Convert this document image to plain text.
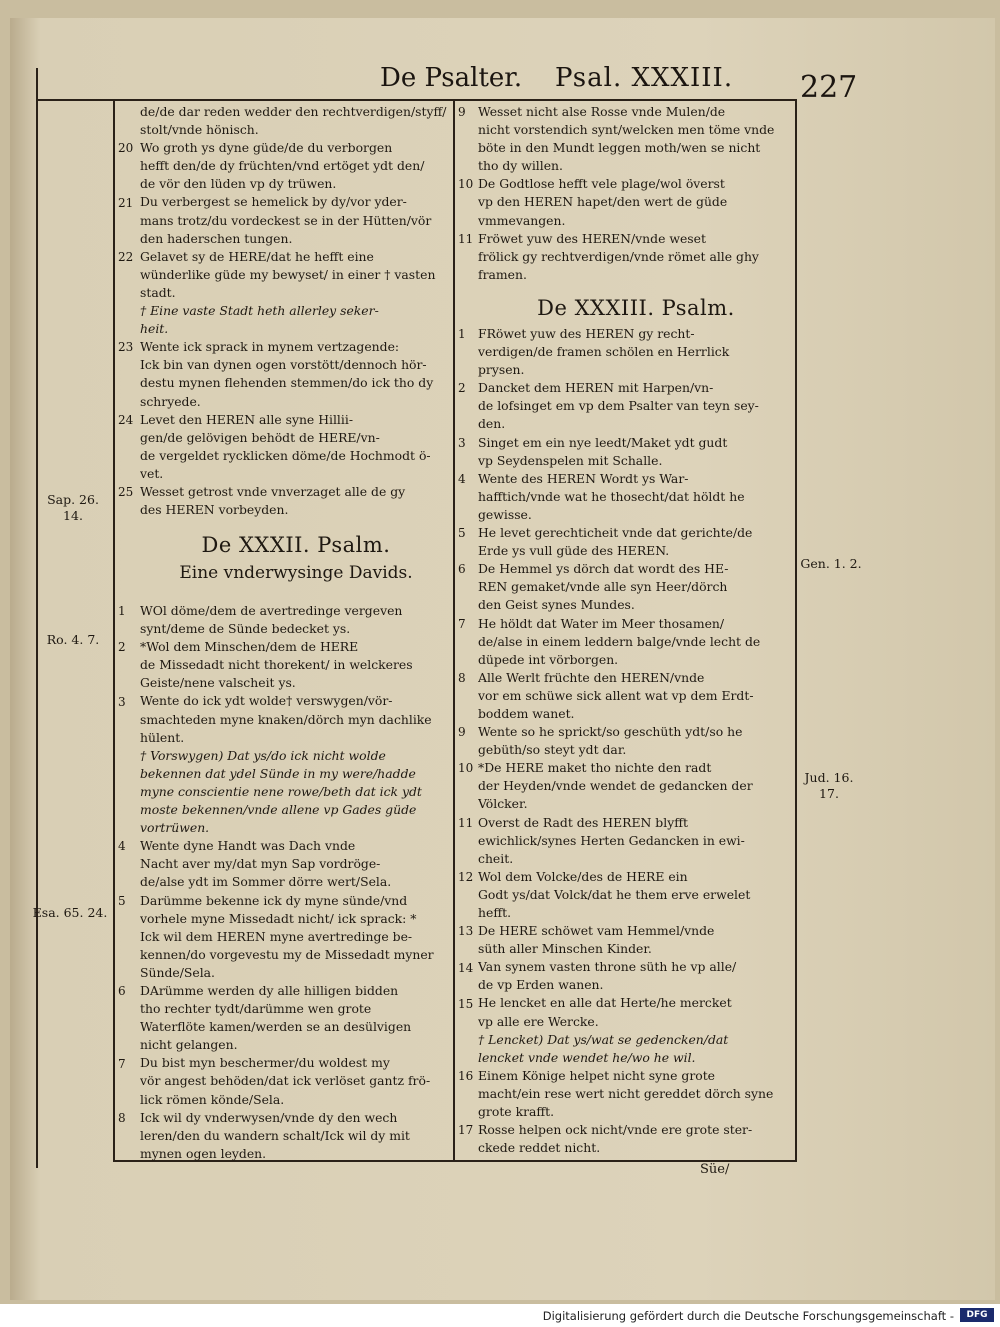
De Psalter. Psal. XXXIII. 227
de/de dar reden wedder den rechtverdigen/styff/
stolt/vnde hönisch.
Wo groth ys dyne güde/de du verborgen
hefft den/de dy früchten/vnd ertöget ydt den/
de vör den lüden vp dy trüwen.
Du verbergest se hemelick by dy/vor yder-
mans trotz/du vordeckest se in der Hütten/vör
den haderschen tungen.
Gelavet sy de HERE/dat he hefft eine
wünderlike güde my bewyset/ in einer † vasten
stadt.
† Eine vaste Stadt heth allerley seker-
heit.
Wente ick sprack in mynem vertzagende:
Ick bin van dynen ogen vorstött/dennoch hör-
destu mynen flehenden stemmen/do ick tho dy
schryede.
Levet den HEREN alle syne Hillii-
gen/de gelövigen behödt de HERE/vn-
de vergeldet rycklicken döme/de Hochmodt ö-
vet.
Wesset getrost vnde vnverzaget alle de gy
des HEREN vorbeyden.
De XXXII. Psalm.
Eine vnderwysinge Davids.
WOl döme/dem de avertredinge vergeven
synt/deme de Sünde bedecket ys.
*Wol dem Minschen/dem de HERE
de Missedadt nicht thorekent/ in welckeres
Geiste/nene valscheit ys.
Wente do ick ydt wolde† verswygen/vör-
smachteden myne knaken/dörch myn dachlike
hülent.
† Vorswygen) Dat ys/do ick nicht wolde
bekennen dat ydel Sünde in my were/hadde
myne conscientie nene rowe/beth dat ick ydt
moste bekennen/vnde allene vp Gades güde
vortrüwen.
Wente dyne Handt was Dach vnde
Nacht aver my/dat myn Sap vordröge-
de/alse ydt im Sommer dörre wert/Sela.
Darümme bekenne ick dy myne sünde/vnd
vorhele myne Missedadt nicht/ ick sprack: *
Ick wil dem HEREN myne avertredinge be-
kennen/do vorgevestu my de Missedadt myner
Sünde/Sela.
DArümme werden dy alle hilligen bidden
tho rechter tydt/darümme wen grote
Waterflöte kamen/werden se an desülvigen
nicht gelangen.
Du bist myn beschermer/du woldest my
vör angest behöden/dat ick verlöset gantz frö-
lick römen könde/Sela.
Ick wil dy vnderwysen/vnde dy den wech
leren/den du wandern schalt/Ick wil dy mit
mynen ogen leyden.
Wesset nicht alse Rosse vnde Mulen/de
nicht vorstendich synt/welcken men töme vnde
böte in den Mundt leggen moth/wen se nicht
tho dy willen.
De Godtlose hefft vele plage/wol överst
vp den HEREN hapet/den wert de güde
vmmevangen.
Fröwet yuw des HEREN/vnde weset
frölick gy rechtverdigen/vnde römet alle ghy
framen.
De XXXIII. Psalm.
FRöwet yuw des HEREN gy recht-
verdigen/de framen schölen en Herrlick
prysen.
Dancket dem HEREN mit Harpen/vn-
de lofsinget em vp dem Psalter van teyn sey-
den.
Singet em ein nye leedt/Maket ydt gudt
vp Seydenspelen mit Schalle.
Wente des HEREN Wordt ys War-
hafftich/vnde wat he thosecht/dat höldt he
gewisse.
He levet gerechticheit vnde dat gerichte/de
Erde ys vull güde des HEREN.
De Hemmel ys dörch dat wordt des HE-
REN gemaket/vnde alle syn Heer/dörch
den Geist synes Mundes.
He höldt dat Water im Meer thosamen/
de/alse in einem leddern balge/vnde lecht de
düpede int vörborgen.
Alle Werlt früchte den HEREN/vnde
vor em schüwe sick allent wat vp dem Erdt-
boddem wanet.
Wente so he sprickt/so geschüth ydt/so he
gebüth/so steyt ydt dar.
*De HERE maket tho nichte den radt
der Heyden/vnde wendet de gedancken der
Völcker.
Overst de Radt des HEREN blyfft
ewichlick/synes Herten Gedancken in ewi-
cheit.
Wol dem Volcke/des de HERE ein
Godt ys/dat Volck/dat he them erve erwelet
hefft.
De HERE schöwet vam Hemmel/vnde
süth aller Minschen Kinder.
Van synem vasten throne süth he vp alle/
de vp Erden wanen.
He lencket en alle dat Herte/he mercket
vp alle ere Wercke.
† Lencket) Dat ys/wat se gedencken/dat
lencket vnde wendet he/wo he wil.
Einem Könige helpet nicht syne grote
macht/ein rese wert nicht gereddet dörch syne
grote krafft.
Rosse helpen ock nicht/vnde ere grote ster-
ckede reddet nicht.
Sap. 26. 14.
Ro. 4. 7.
Esa. 65. 24.
Gen. 1. 2.
Jud. 16. 17.
Süe/
Digitalisierung gefördert durch die Deutsche Forschungsgemeinschaft -	DFG
20
21
22
23
24
25
1
2
3
4
5
6
7
8
9
10
11
1
2
3
4
5
6
7
8
9
10
11
12
13
14
15
16
17
